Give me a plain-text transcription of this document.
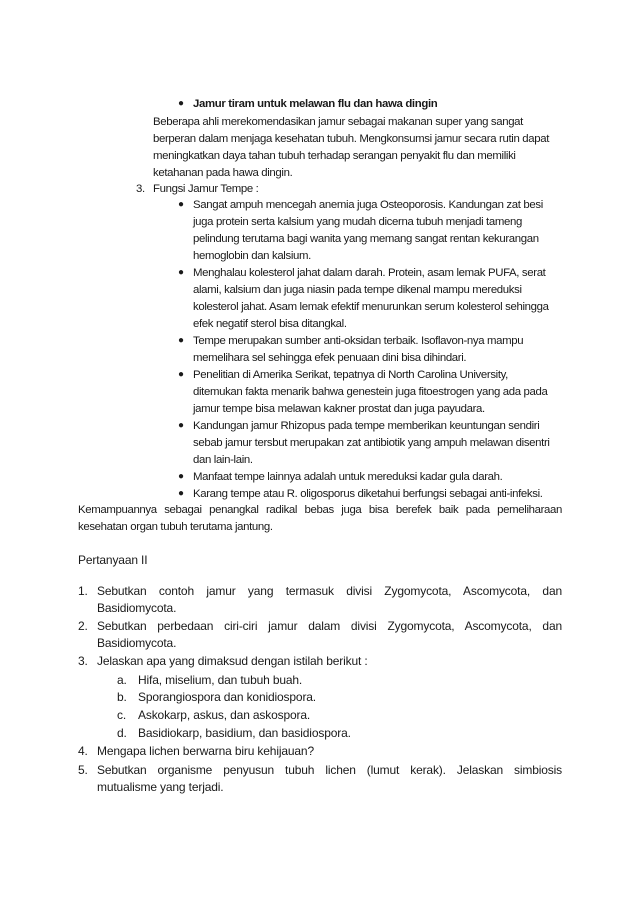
● Jamur tiram untuk melawan flu dan hawa dingin
Beberapa ahli merekomendasikan jamur sebagai makanan super yang sangat
berperan dalam menjaga kesehatan tubuh. Mengkonsumsi jamur secara rutin dapat
meningkatkan daya tahan tubuh terhadap serangan penyakit flu dan memiliki
ketahanan pada hawa dingin.
3. Fungsi Jamur Tempe :
● Sangat ampuh mencegah anemia juga Osteoporosis. Kandungan zat besi
juga protein serta kalsium yang mudah dicerna tubuh menjadi tameng
pelindung terutama bagi wanita yang memang sangat rentan kekurangan
hemoglobin dan kalsium.
● Menghalau kolesterol jahat dalam darah. Protein, asam lemak PUFA, serat
alami, kalsium dan juga niasin pada tempe dikenal mampu mereduksi
kolesterol jahat. Asam lemak efektif menurunkan serum kolesterol sehingga
efek negatif sterol bisa ditangkal.
● Tempe merupakan sumber anti-oksidan terbaik. Isoflavon-nya mampu
memelihara sel sehingga efek penuaan dini bisa dihindari.
● Penelitian di Amerika Serikat, tepatnya di North Carolina University,
ditemukan fakta menarik bahwa genestein juga fitoestrogen yang ada pada
jamur tempe bisa melawan kakner prostat dan juga payudara.
● Kandungan jamur Rhizopus pada tempe memberikan keuntungan sendiri
sebab jamur tersbut merupakan zat antibiotik yang ampuh melawan disentri
dan lain-lain.
● Manfaat tempe lainnya adalah untuk mereduksi kadar gula darah.
● Karang tempe atau R. oligosporus diketahui berfungsi sebagai anti-infeksi.
Kemampuannya sebagai penangkal radikal bebas juga bisa berefek baik pada pemeliharaan
kesehatan organ tubuh terutama jantung.
Pertanyaan II
1. Sebutkan contoh jamur yang termasuk divisi Zygomycota, Ascomycota, dan
Basidiomycota.
2. Sebutkan perbedaan ciri-ciri jamur dalam divisi Zygomycota, Ascomycota, dan
Basidiomycota.
3. Jelaskan apa yang dimaksud dengan istilah berikut :
a. Hifa, miselium, dan tubuh buah.
b. Sporangiospora dan konidiospora.
c. Askokarp, askus, dan askospora.
d. Basidiokarp, basidium, dan basidiospora.
4. Mengapa lichen berwarna biru kehijauan?
5. Sebutkan organisme penyusun tubuh lichen (lumut kerak). Jelaskan simbiosis
mutualisme yang terjadi.
